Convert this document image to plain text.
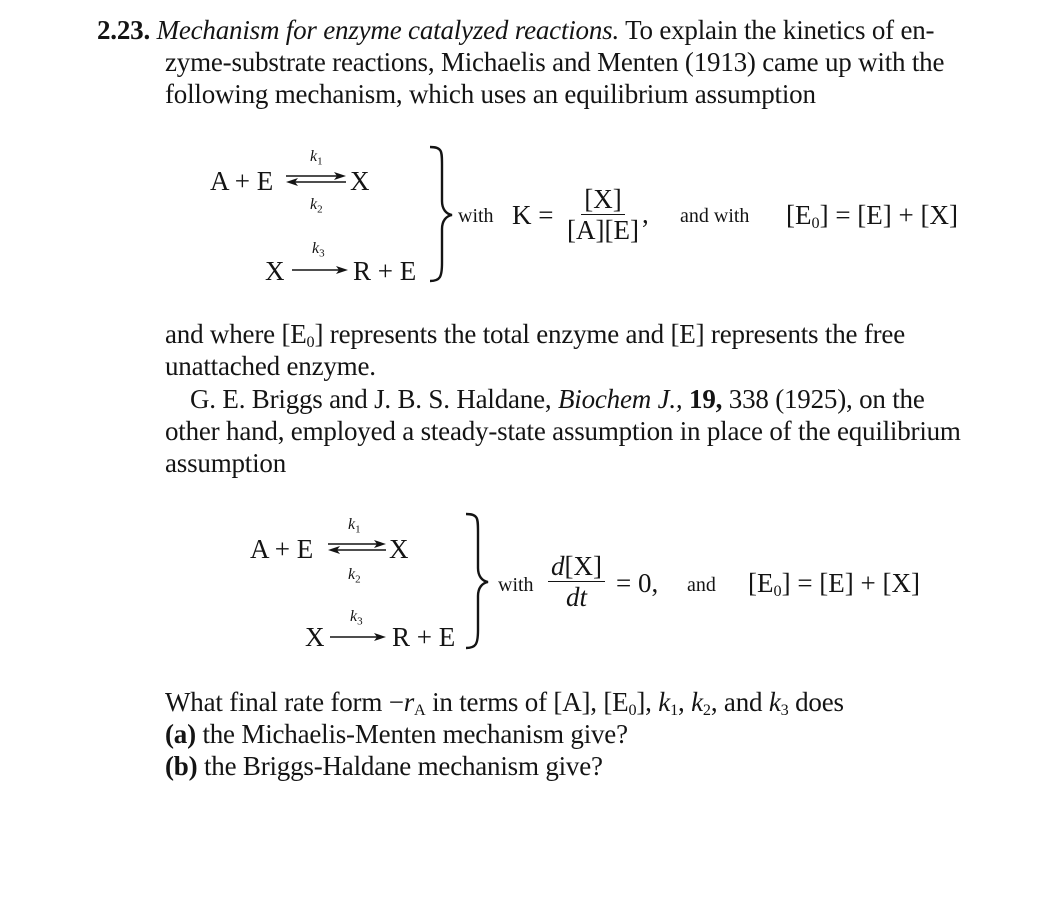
2.23. Mechanism for enzyme catalyzed reactions. To explain the kinetics of en-
zyme-substrate reactions, Michaelis and Menten (1913) came up with the
following mechanism, which uses an equilibrium assumption
A + E
$k_1$
⇌ X
$k_2$
X
$k_3$
R + E
with $K = \frac{[X]}{[A][E]}$ , and with $[E_0] = [E] + [X]$
and where $[E_0]$ represents the total enzyme and [E] represents the free
unattached enzyme.
G. E. Briggs and J. B. S. Haldane, Biochem J., 19, 338 (1925), on the
other hand, employed a steady-state assumption in place of the equilibrium
assumption
A + E
$k_1$
⇌ X
$k_2$
X
$k_3$
R + E
with $\frac{d[X]}{dt} = 0$, and $[E_0] = [E] + [X]$
What final rate form $-r_A$ in terms of [A], $[E_0]$, $k_1$, $k_2$, and $k_3$ does
(a) the Michaelis-Menten mechanism give?
(b) the Briggs-Haldane mechanism give?
